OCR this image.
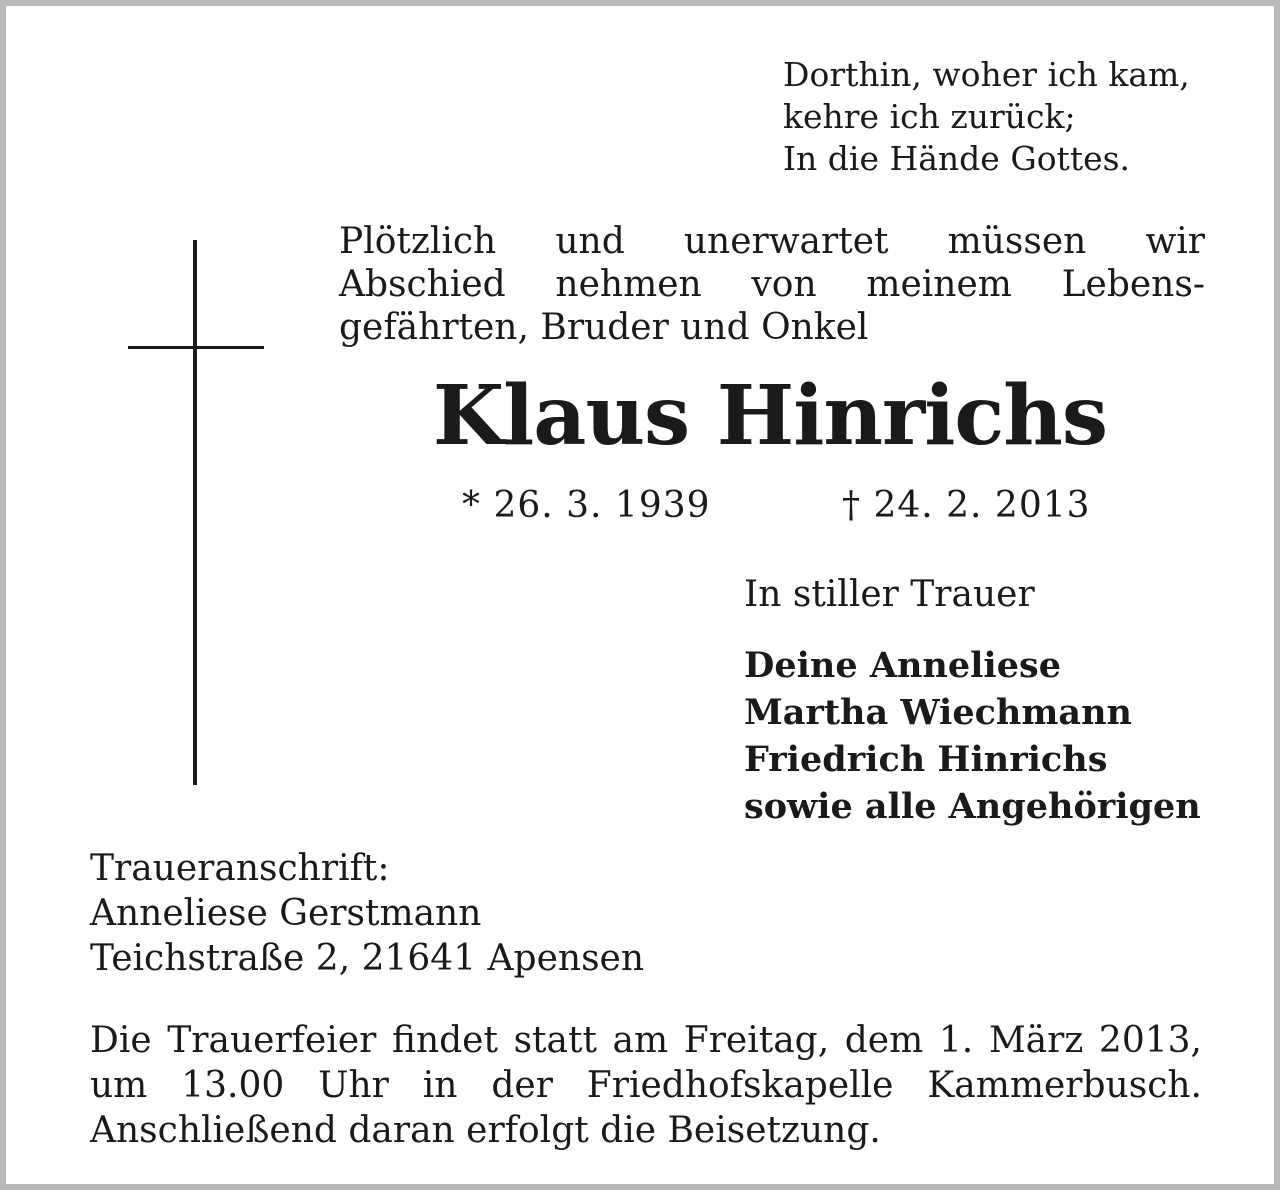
Dorthin, woher ich kam,
kehre ich zurück;
In die Hände Gottes.
Plötzlich und unerwartet müssen wir
Abschied nehmen von meinem Lebens-
gefährten, Bruder und Onkel
Klaus Hinrichs
* 26. 3. 1939	† 24. 2. 2013
In stiller Trauer
Deine Anneliese
Martha Wiechmann
Friedrich Hinrichs
sowie alle Angehörigen
Traueranschrift:
Anneliese Gerstmann
Teichstraße 2, 21641 Apensen
Die Trauerfeier findet statt am Freitag, dem 1. März 2013,
um 13.00 Uhr in der Friedhofskapelle Kammerbusch.
Anschließend daran erfolgt die Beisetzung.
